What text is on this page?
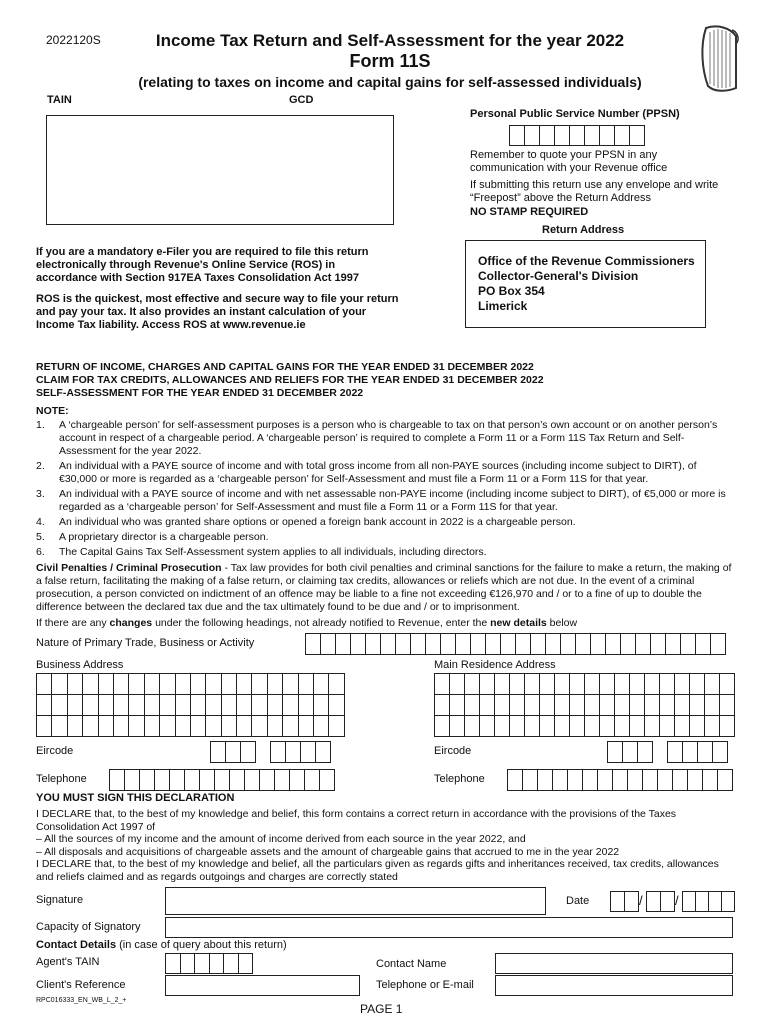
2022120S	Income Tax Return and Self-Assessment for the year 2022
Form 11S
(relating to taxes on income and capital gains for self-assessed individuals)
TAIN	GCD
Personal Public Service Number (PPSN)
Remember to quote your PPSN in any communication with your Revenue office
If submitting this return use any envelope and write “Freepost” above the Return Address
NO STAMP REQUIRED
Return Address
Office of the Revenue Commissioners
Collector-General's Division
PO Box 354
Limerick
If you are a mandatory e-Filer you are required to file this return electronically through Revenue's Online Service (ROS) in accordance with Section 917EA Taxes Consolidation Act 1997
ROS is the quickest, most effective and secure way to file your return and pay your tax. It also provides an instant calculation of your Income Tax liability. Access ROS at www.revenue.ie
RETURN OF INCOME, CHARGES AND CAPITAL GAINS FOR THE YEAR ENDED 31 DECEMBER 2022
CLAIM FOR TAX CREDITS, ALLOWANCES AND RELIEFS FOR THE YEAR ENDED 31 DECEMBER 2022
SELF-ASSESSMENT FOR THE YEAR ENDED 31 DECEMBER 2022
NOTE:
1. A ‘chargeable person’ for self-assessment purposes is a person who is chargeable to tax on that person’s own account or on another person’s account in respect of a chargeable period. A ‘chargeable person’ is required to complete a Form 11 or a Form 11S Tax Return and Self-Assessment for the year 2022.
2. An individual with a PAYE source of income and with total gross income from all non-PAYE sources (including income subject to DIRT), of €30,000 or more is regarded as a ‘chargeable person’ for Self-Assessment and must file a Form 11 or a Form 11S for that year.
3. An individual with a PAYE source of income and with net assessable non-PAYE income (including income subject to DIRT), of €5,000 or more is regarded as a ‘chargeable person’ for Self-Assessment and must file a Form 11 or a Form 11S for that year.
4. An individual who was granted share options or opened a foreign bank account in 2022 is a chargeable person.
5. A proprietary director is a chargeable person.
6. The Capital Gains Tax Self-Assessment system applies to all individuals, including directors.
Civil Penalties / Criminal Prosecution - Tax law provides for both civil penalties and criminal sanctions for the failure to make a return, the making of a false return, facilitating the making of a false return, or claiming tax credits, allowances or reliefs which are not due. In the event of a criminal prosecution, a person convicted on indictment of an offence may be liable to a fine not exceeding €126,970 and / or to a fine of up to double the difference between the declared tax due and the tax ultimately found to be due and / or to imprisonment.
If there are any changes under the following headings, not already notified to Revenue, enter the new details below
Nature of Primary Trade, Business or Activity
Business Address	Main Residence Address
Eircode	Eircode
Telephone	Telephone
YOU MUST SIGN THIS DECLARATION
I DECLARE that, to the best of my knowledge and belief, this form contains a correct return in accordance with the provisions of the Taxes Consolidation Act 1997 of
– All the sources of my income and the amount of income derived from each source in the year 2022, and
– All disposals and acquisitions of chargeable assets and the amount of chargeable gains that accrued to me in the year 2022
I DECLARE that, to the best of my knowledge and belief, all the particulars given as regards gifts and inheritances received, tax credits, allowances and reliefs claimed and as regards outgoings and charges are correctly stated
Signature	Date	/ /
Capacity of Signatory
Contact Details (in case of query about this return)
Agent's TAIN	Contact Name
Client's Reference	Telephone or E-mail
RPC016333_EN_WB_L_2_+
PAGE 1
